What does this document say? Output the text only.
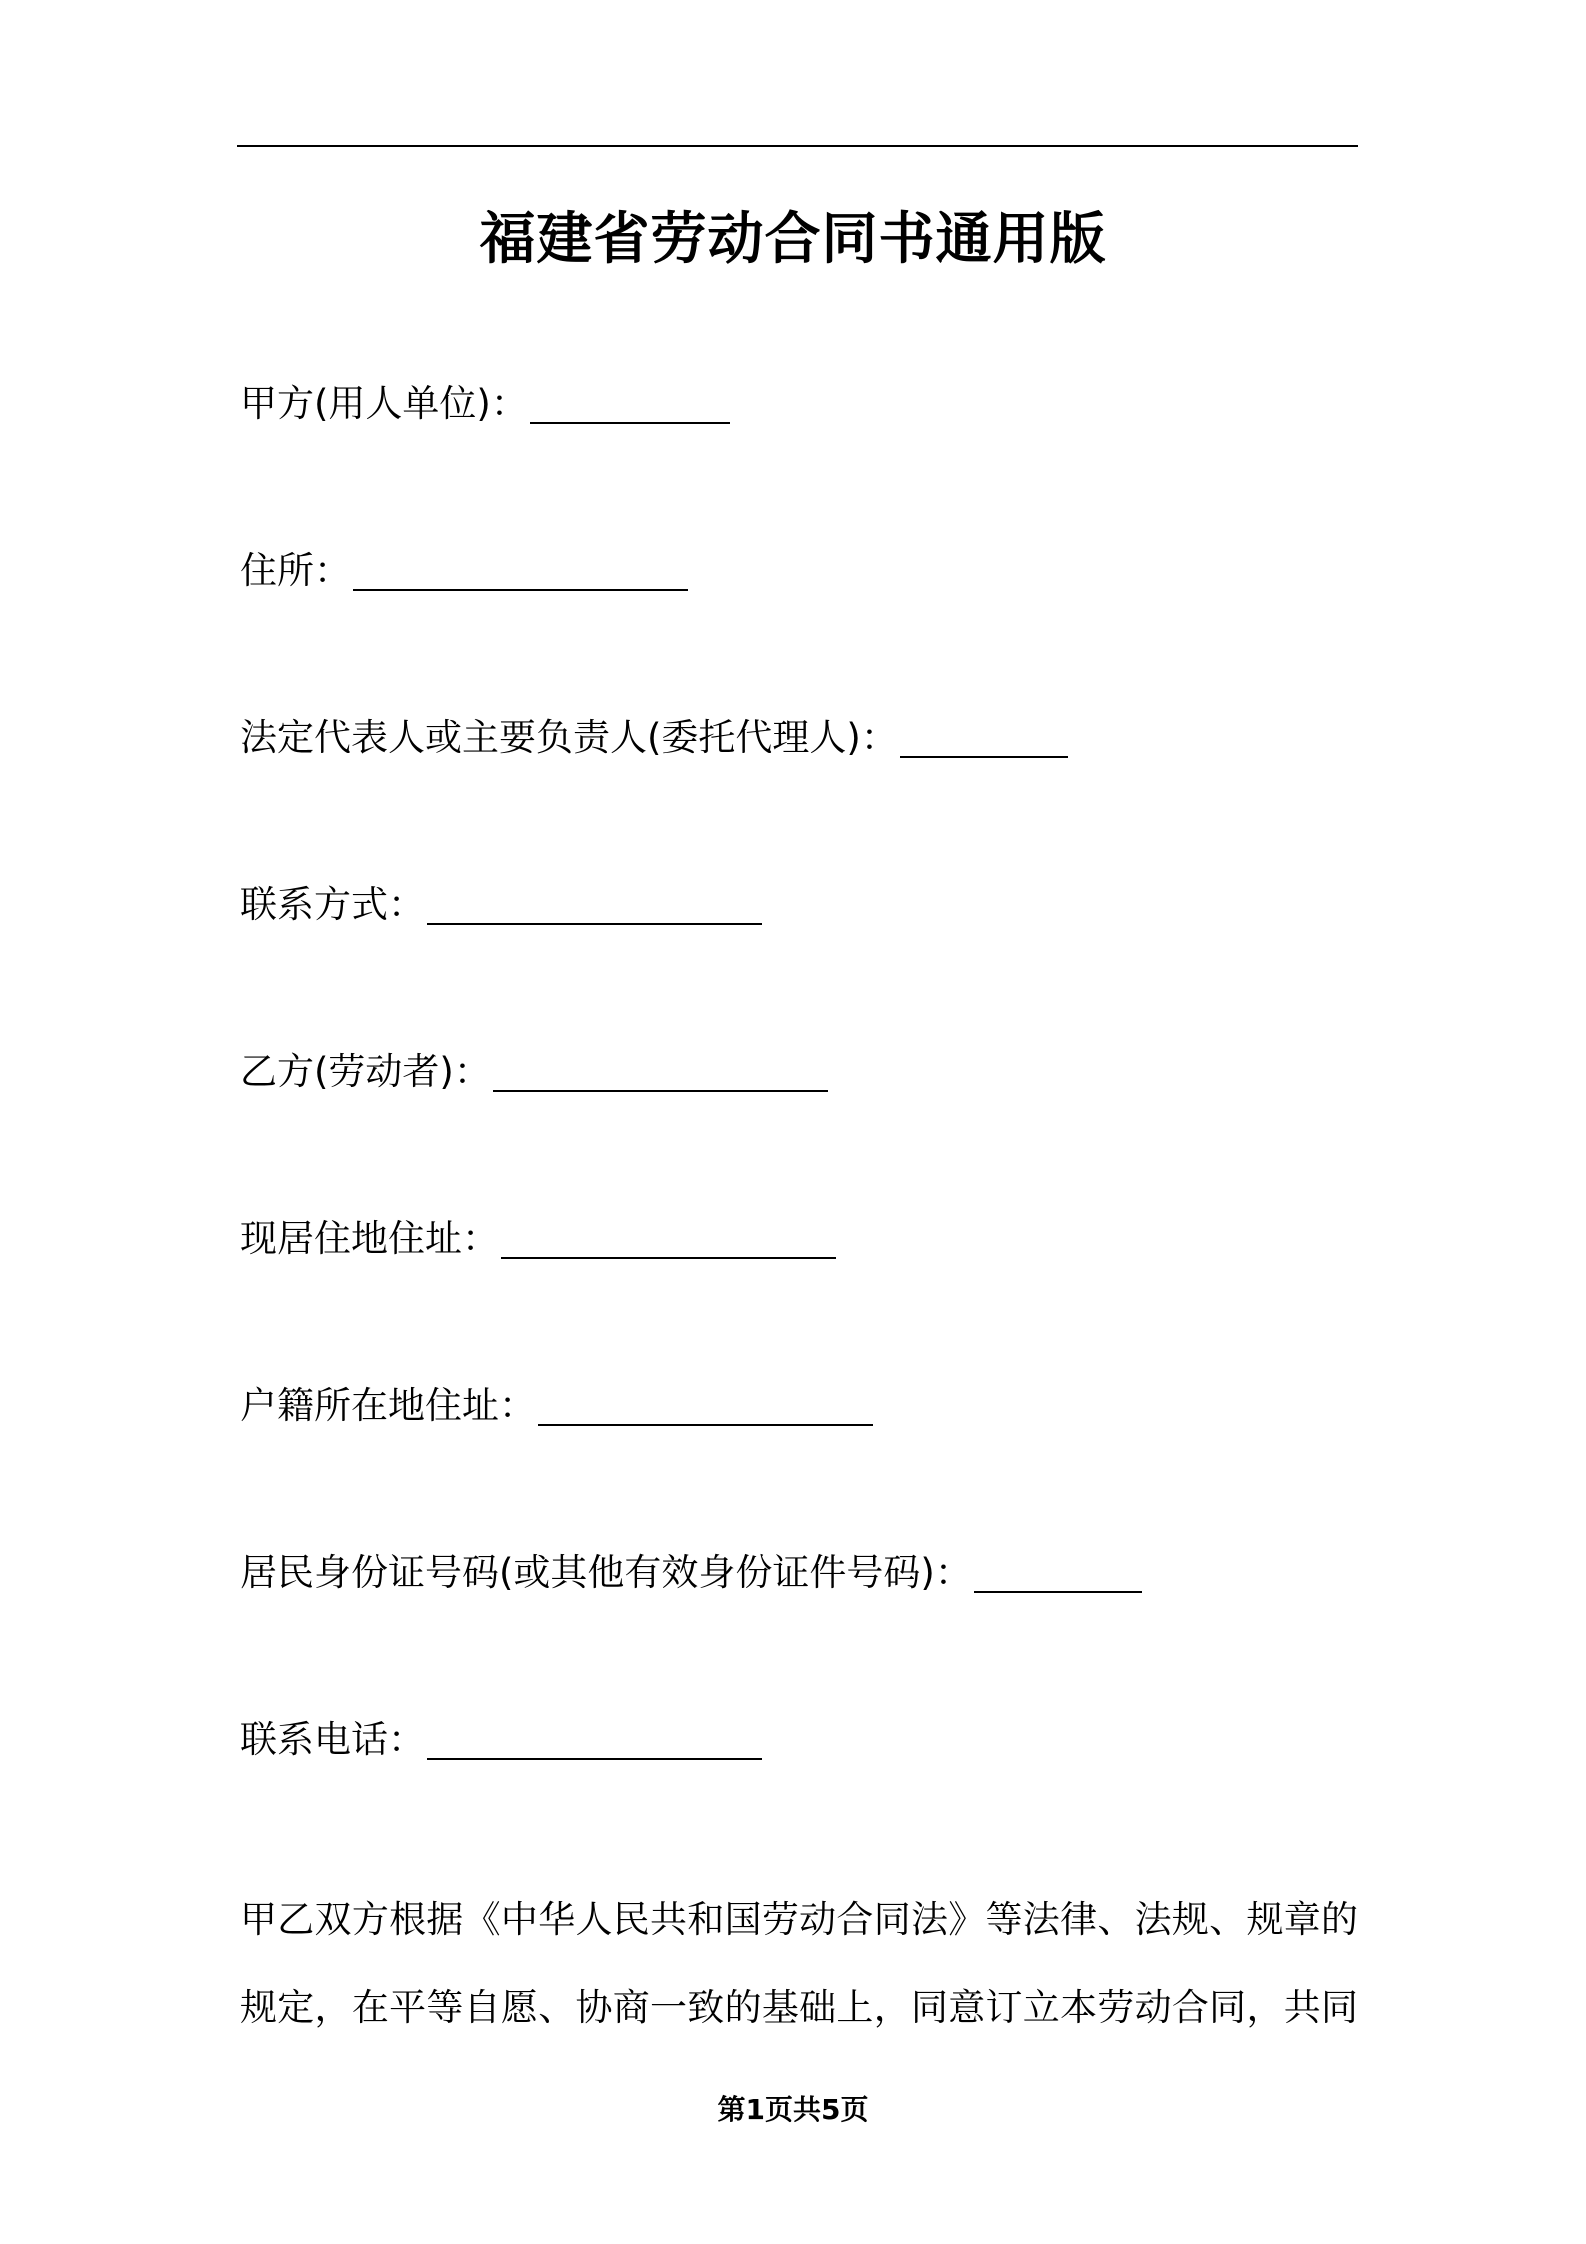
福建省劳动合同书通用版
甲方(用人单位)：
住所：
法定代表人或主要负责人(委托代理人)：
联系方式：
乙方(劳动者)：
现居住地住址：
户籍所在地住址：
居民身份证号码(或其他有效身份证件号码)：
联系电话：

甲乙双方根据《中华人民共和国劳动合同法》等法律、法规、规章的
规定，在平等自愿、协商一致的基础上，同意订立本劳动合同，共同

第1页共5页
